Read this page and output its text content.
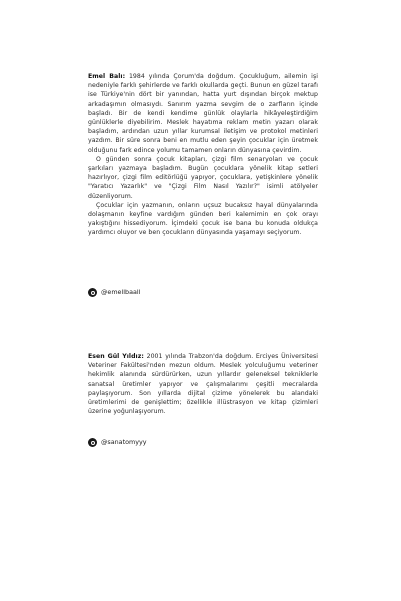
Emel Balı: 1984 yılında Çorum'da doğdum. Çocukluğum, ailemin işi nedeniyle farklı şehirlerde ve farklı okullarda geçti. Bunun en güzel tarafı ise Türkiye'nin dört bir yanından, hatta yurt dışından birçok mektup arkadaşımın olmasıydı. Sanırım yazma sevgim de o zarfların içinde başladı. Bir de kendi kendime günlük olaylarla hikâyeleştirdiğim günlüklerle diyebilirim. Meslek hayatıma reklam metin yazarı olarak başladım, ardından uzun yıllar kurumsal iletişim ve protokol metinleri yazdım. Bir süre sonra beni en mutlu eden şeyin çocuklar için üretmek olduğunu fark edince yolumu tamamen onların dünyasına çevirdim.

O günden sonra çocuk kitapları, çizgi film senaryoları ve çocuk şarkıları yazmaya başladım. Bugün çocuklara yönelik kitap setleri hazırlıyor, çizgi film editörlüğü yapıyor, çocuklara, yetişkinlere yönelik "Yaratıcı Yazarlık" ve "Çizgi Film Nasıl Yazılır?" isimli atölyeler düzenliyorum.

Çocuklar için yazmanın, onların uçsuz bucaksız hayal dünyalarında dolaşmanın keyfine vardığım günden beri kalemimin en çok orayı yakıştığını hissediyorum. İçimdeki çocuk ise bana bu konuda oldukça yardımcı oluyor ve ben çocukların dünyasında yaşamayı seçiyorum.

@emellbaall

Esen Gül Yıldız: 2001 yılında Trabzon'da doğdum. Erciyes Üniversitesi Veteriner Fakültesi'nden mezun oldum. Meslek yolculuğumu veteriner hekimlik alanında sürdürürken, uzun yıllardır geleneksel tekniklerle sanatsal üretimler yapıyor ve çalışmalarımı çeşitli mecralarda paylaşıyorum. Son yıllarda dijital çizime yönelerek bu alandaki üretimlerimi de genişlettim; özellikle illüstrasyon ve kitap çizimleri üzerine yoğunlaşıyorum.

@sanatomyyy
